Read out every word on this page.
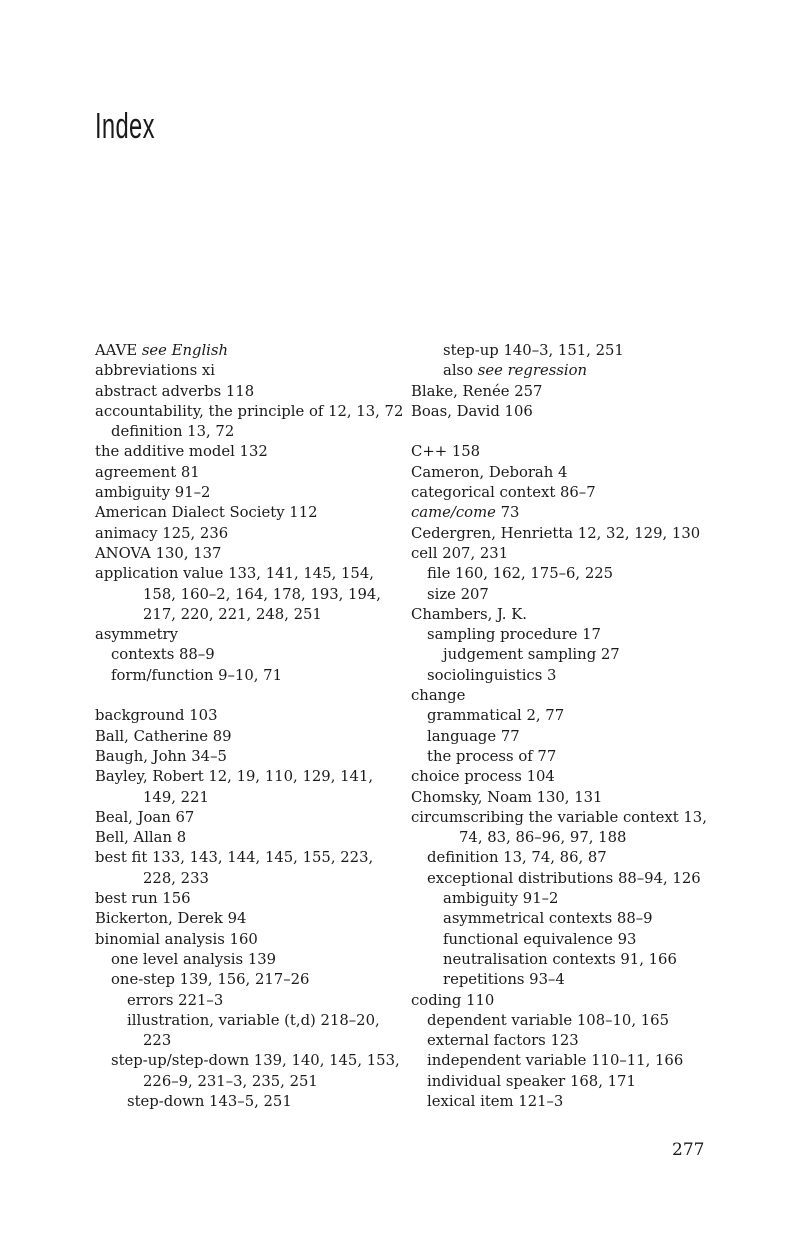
Index
AAVE see English
abbreviations xi
abstract adverbs 118
accountability, the principle of 12, 13, 72
definition 13, 72
the additive model 132
agreement 81
ambiguity 91–2
American Dialect Society 112
animacy 125, 236
ANOVA 130, 137
application value 133, 141, 145, 154,
158, 160–2, 164, 178, 193, 194,
217, 220, 221, 248, 251
asymmetry
contexts 88–9
form/function 9–10, 71
background 103
Ball, Catherine 89
Baugh, John 34–5
Bayley, Robert 12, 19, 110, 129, 141,
149, 221
Beal, Joan 67
Bell, Allan 8
best fit 133, 143, 144, 145, 155, 223,
228, 233
best run 156
Bickerton, Derek 94
binomial analysis 160
one level analysis 139
one-step 139, 156, 217–26
errors 221–3
illustration, variable (t,d) 218–20,
223
step-up/step-down 139, 140, 145, 153,
226–9, 231–3, 235, 251
step-down 143–5, 251
step-up 140–3, 151, 251
also see regression
Blake, Renée 257
Boas, David 106
C++ 158
Cameron, Deborah 4
categorical context 86–7
came/come 73
Cedergren, Henrietta 12, 32, 129, 130
cell 207, 231
file 160, 162, 175–6, 225
size 207
Chambers, J. K.
sampling procedure 17
judgement sampling 27
sociolinguistics 3
change
grammatical 2, 77
language 77
the process of 77
choice process 104
Chomsky, Noam 130, 131
circumscribing the variable context 13,
74, 83, 86–96, 97, 188
definition 13, 74, 86, 87
exceptional distributions 88–94, 126
ambiguity 91–2
asymmetrical contexts 88–9
functional equivalence 93
neutralisation contexts 91, 166
repetitions 93–4
coding 110
dependent variable 108–10, 165
external factors 123
independent variable 110–11, 166
individual speaker 168, 171
lexical item 121–3
277
